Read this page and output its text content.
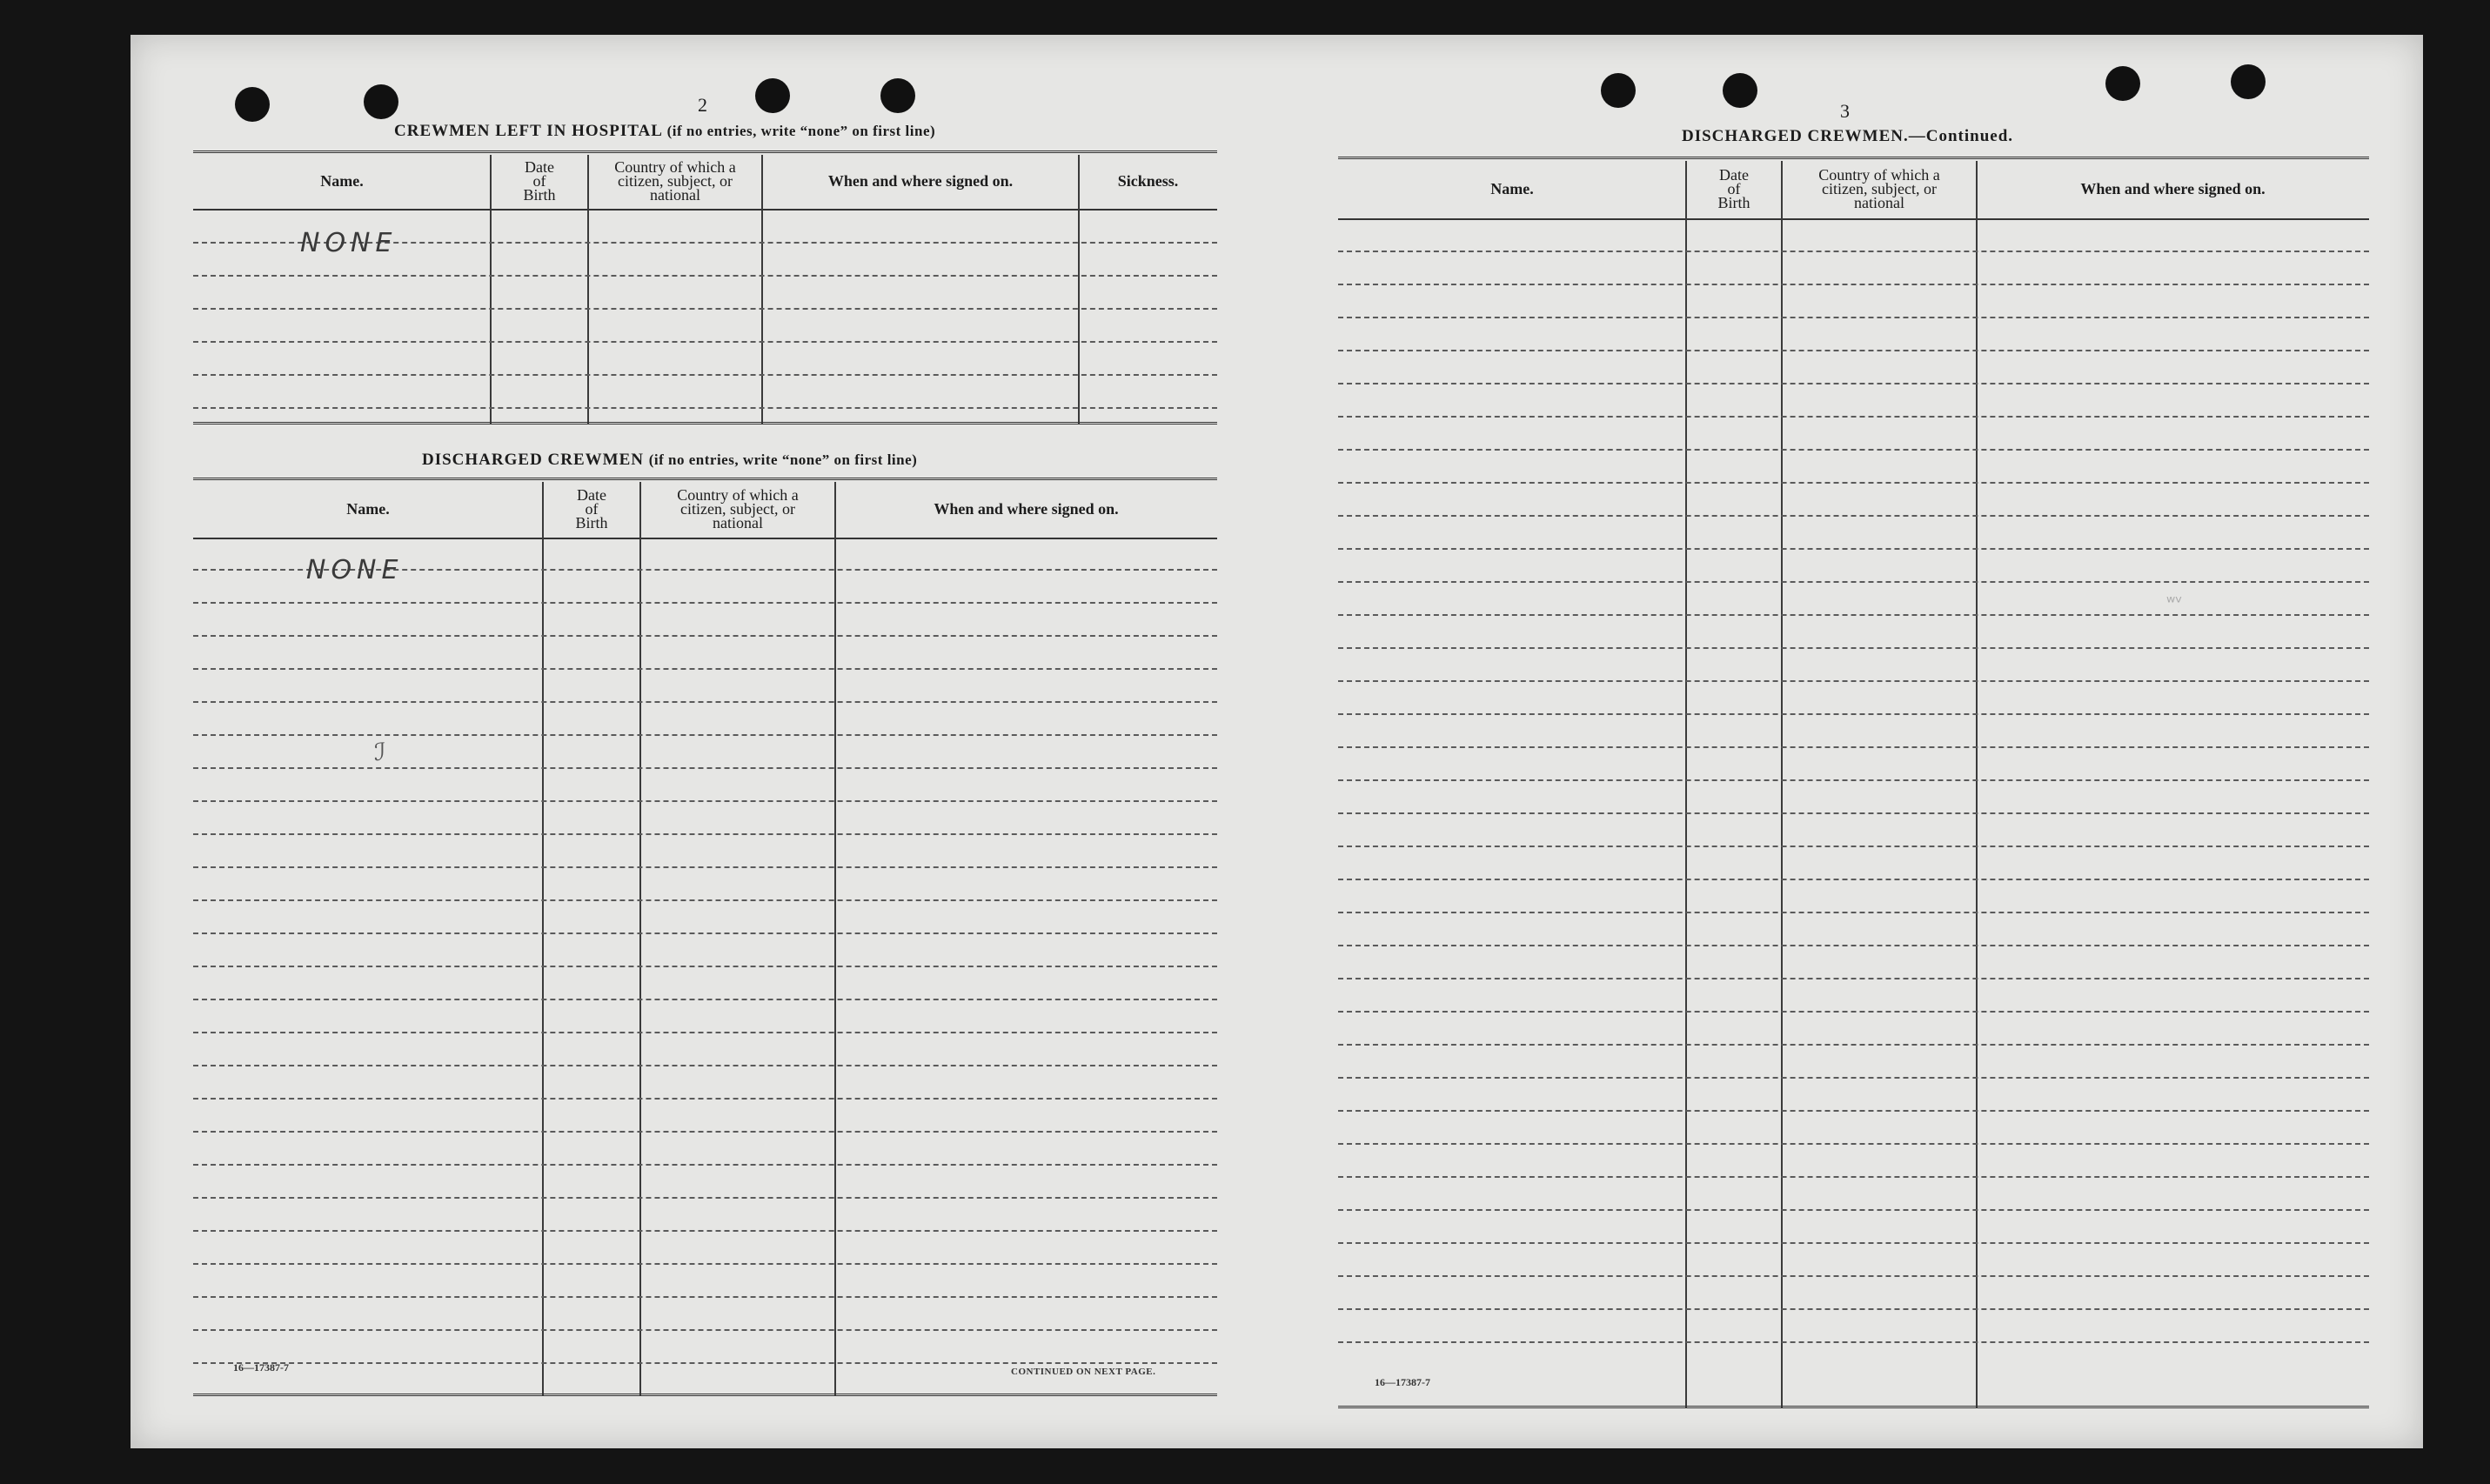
2
CREWMEN LEFT IN HOSPITAL (if no entries, write “none” on first line)
Name.
Date of Birth
Country of which a citizen, subject, or national
When and where signed on.	Sickness.
NONE
DISCHARGED CREWMEN (if no entries, write “none” on first line)
Name.
Date of Birth
Country of which a citizen, subject, or national
When and where signed on.
NONE
ℐ
16—17387-7	CONTINUED ON NEXT PAGE.
3
DISCHARGED CREWMEN.—Continued.
Name.
Date of Birth
Country of which a citizen, subject, or national
When and where signed on.
ʷᵛ
16—17387-7
